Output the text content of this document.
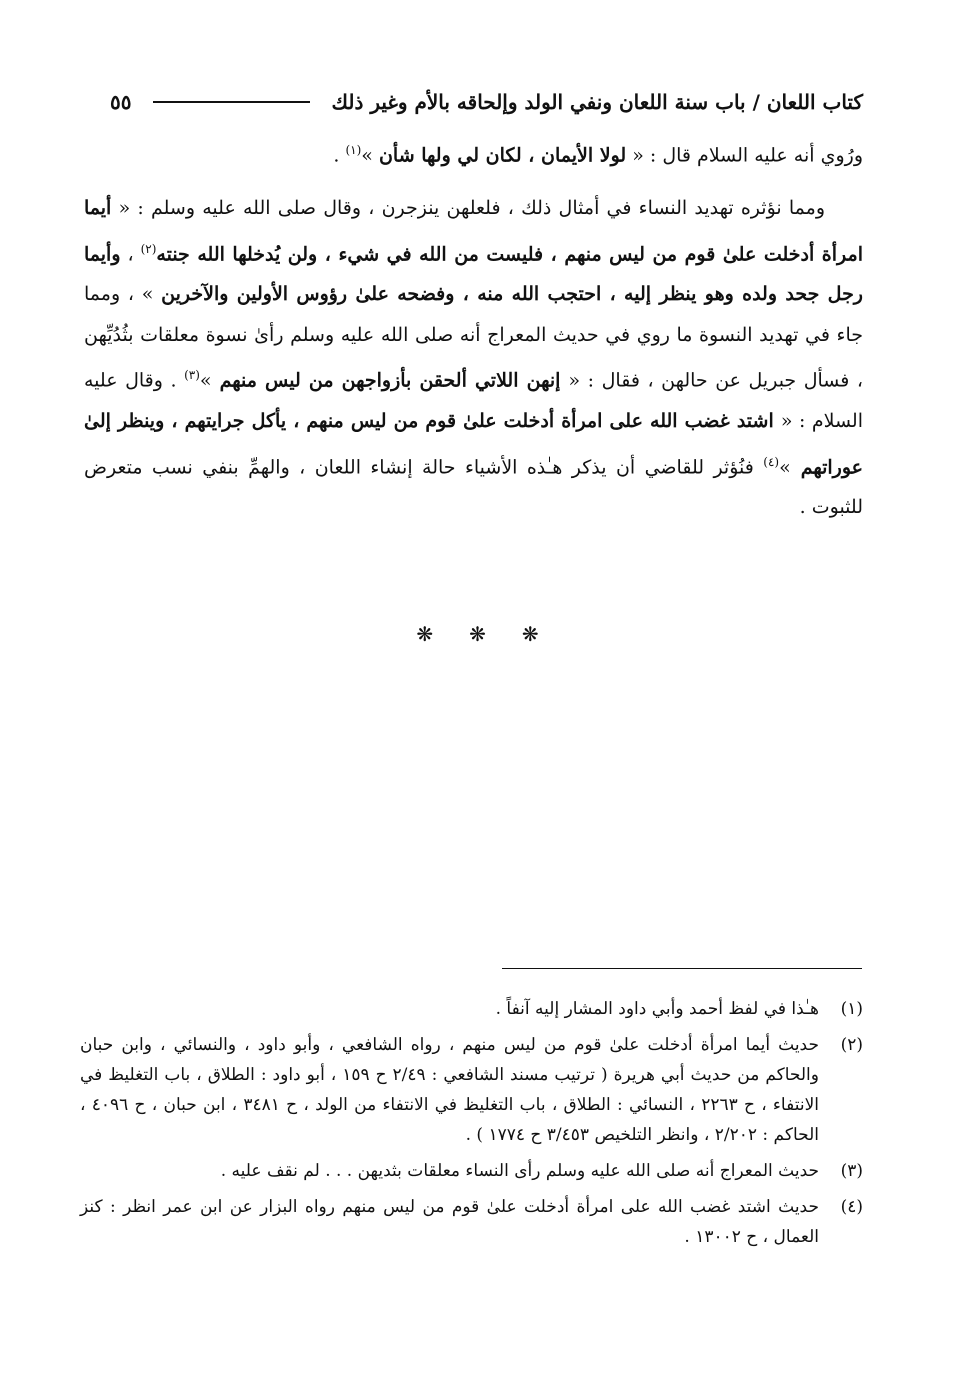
كتاب اللعان / باب سنة اللعان ونفي الولد وإلحاقه بالأم وغير ذلك
٥٥
ورُوي أنه عليه السلام قال : « لولا الأيمان ، لكان لي ولها شأن »$^{(١)}$ .
ومما نؤثره تهديد النساء في أمثال ذلك ، فلعلهن ينزجرن ، وقال صلى الله عليه وسلم : « أيما امرأة أدخلت علىٰ قوم من ليس منهم ، فليست من الله في شيء ، ولن يُدخلها الله جنته$^{(٢)}$ ، وأيما رجل جحد ولده وهو ينظر إليه ، احتجب الله منه ، وفضحه علىٰ رؤوس الأولين والآخرين » ، ومما جاء في تهديد النسوة ما روي في حديث المعراج أنه صلى الله عليه وسلم رأىٰ نسوة معلقات بثُدُيِّهن ، فسأل جبريل عن حالهن ، فقال : « إنهن اللاتي ألحقن بأزواجهن من ليس منهم »$^{(٣)}$ . وقال عليه السلام : « اشتد غضب الله على امرأة أدخلت علىٰ قوم من ليس منهم ، يأكل جرايتهم ، وينظر إلىٰ عوراتهم »$^{(٤)}$ فنُؤثر للقاضي أن يذكر هـٰذه الأشياء حالة إنشاء اللعان ، والهمِّ بنفي نسب متعرض للثبوت .
❋ ❋ ❋
(١)
هـٰذا في لفظ أحمد وأبي داود المشار إليه آنفاً .
(٢)
حديث أيما امرأة أدخلت علىٰ قوم من ليس منهم ، رواه الشافعي ، وأبو داود ، والنسائي ، وابن حبان والحاكم من حديث أبي هريرة ( ترتيب مسند الشافعي : ٢/٤٩ ح ١٥٩ ، أبو داود : الطلاق ، باب التغليظ في الانتفاء ، ح ٢٢٦٣ ، النسائي : الطلاق ، باب التغليظ في الانتفاء من الولد ، ح ٣٤٨١ ، ابن حبان ، ح ٤٠٩٦ ، الحاكم : ٢/٢٠٢ ، وانظر التلخيص ٣/٤٥٣ ح ١٧٧٤ ) .
(٣)
حديث المعراج أنه صلى الله عليه وسلم رأى النساء معلقات بثديهن . . . لم نقف عليه .
(٤)
حديث اشتد غضب الله على امرأة أدخلت علىٰ قوم من ليس منهم رواه البزار عن ابن عمر انظر : كنز العمال ، ح ١٣٠٠٢ .
